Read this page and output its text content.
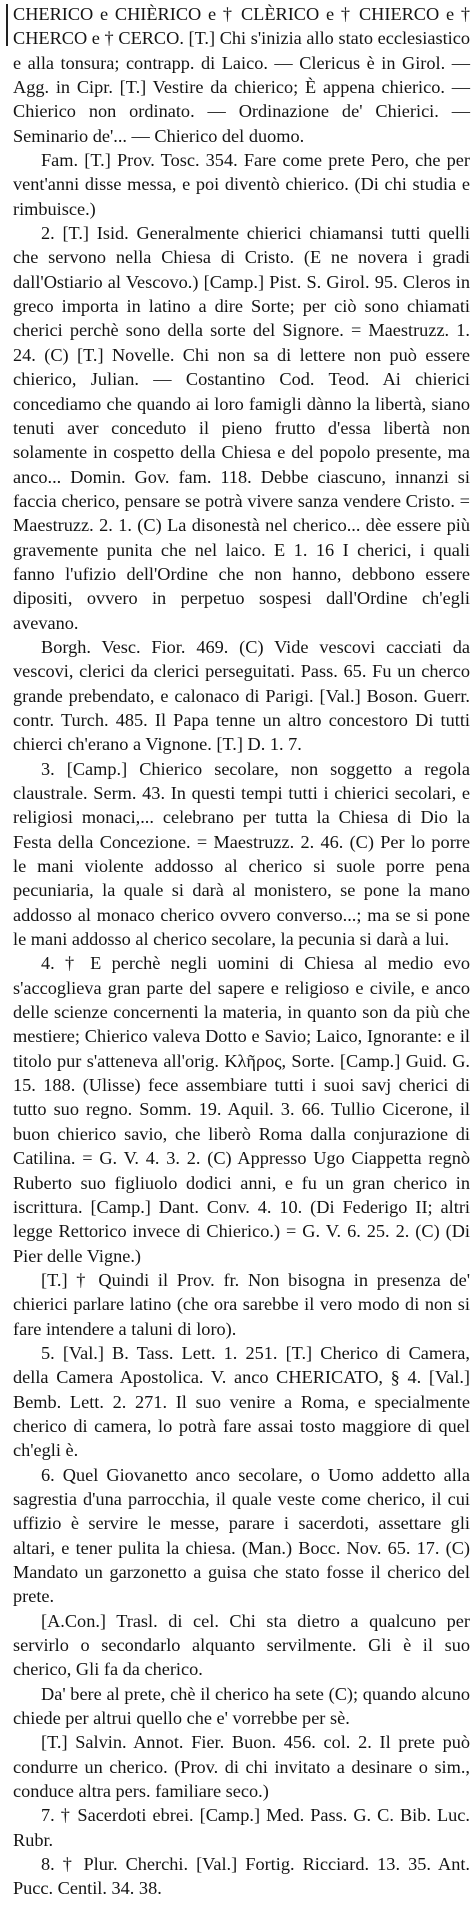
CHERICO e CHIÈRICO e † CLÈRICO e † CHIERCO e † CHERCO e † CERCO. [T.] Chi s'inizia allo stato ecclesiastico e alla tonsura; contrapp. di Laico. — Clericus è in Girol. — Agg. in Cipr. [T.] Vestire da chierico; È appena chierico. — Chierico non ordinato. — Ordinazione de' Chierici. — Seminario de'... — Chierico del duomo.

Fam. [T.] Prov. Tosc. 354. Fare come prete Pero, che per vent'anni disse messa, e poi diventò chierico. (Di chi studia e rimbuisce.)

2. [T.] Isid. Generalmente chierici chiamansi tutti quelli che servono nella Chiesa di Cristo. (E ne novera i gradi dall'Ostiario al Vescovo.) [Camp.] Pist. S. Girol. 95. Cleros in greco importa in latino a dire Sorte; per ciò sono chiamati cherici perchè sono della sorte del Signore. = Maestruzz. 1. 24. (C) [T.] Novelle. Chi non sa di lettere non può essere chierico, Julian. — Costantino Cod. Teod. Ai chierici concediamo che quando ai loro famigli dànno la libertà, siano tenuti aver conceduto il pieno frutto d'essa libertà non solamente in cospetto della Chiesa e del popolo presente, ma anco... Domin. Gov. fam. 118. Debbe ciascuno, innanzi si faccia cherico, pensare se potrà vivere sanza vendere Cristo. = Maestruzz. 2. 1. (C) La disonestà nel cherico... dèe essere più gravemente punita che nel laico. E 1. 16 I cherici, i quali fanno l'ufizio dell'Ordine che non hanno, debbono essere dipositi, ovvero in perpetuo sospesi dall'Ordine ch'egli avevano.

Borgh. Vesc. Fior. 469. (C) Vide vescovi cacciati da vescovi, clerici da clerici perseguitati. Pass. 65. Fu un cherco grande prebendato, e calonaco di Parigi. [Val.] Boson. Guerr. contr. Turch. 485. Il Papa tenne un altro concestoro Di tutti chierci ch'erano a Vignone. [T.] D. 1. 7.

3. [Camp.] Chierico secolare, non soggetto a regola claustrale. Serm. 43. In questi tempi tutti i chierici secolari, e religiosi monaci,... celebrano per tutta la Chiesa di Dio la Festa della Concezione. = Maestruzz. 2. 46. (C) Per lo porre le mani violente addosso al cherico si suole porre pena pecuniaria, la quale si darà al monistero, se pone la mano addosso al monaco cherico ovvero converso...; ma se si pone le mani addosso al cherico secolare, la pecunia si darà a lui.

4. † E perchè negli uomini di Chiesa al medio evo s'accoglieva gran parte del sapere e religioso e civile, e anco delle scienze concernenti la materia, in quanto son da più che mestiere; Chierico valeva Dotto e Savio; Laico, Ignorante: e il titolo pur s'atteneva all'orig. Κλῆρος, Sorte. [Camp.] Guid. G. 15. 188. (Ulisse) fece assembiare tutti i suoi savj cherici di tutto suo regno. Somm. 19. Aquil. 3. 66. Tullio Cicerone, il buon chierico savio, che liberò Roma dalla conjurazione di Catilina. = G. V. 4. 3. 2. (C) Appresso Ugo Ciappetta regnò Ruberto suo figliuolo dodici anni, e fu un gran cherico in iscrittura. [Camp.] Dant. Conv. 4. 10. (Di Federigo II; altri legge Rettorico invece di Chierico.) = G. V. 6. 25. 2. (C) (Di Pier delle Vigne.)

[T.] † Quindi il Prov. fr. Non bisogna in presenza de' chierici parlare latino (che ora sarebbe il vero modo di non si fare intendere a taluni di loro).

5. [Val.] B. Tass. Lett. 1. 251. [T.] Cherico di Camera, della Camera Apostolica. V. anco CHERICATO, § 4. [Val.] Bemb. Lett. 2. 271. Il suo venire a Roma, e specialmente cherico di camera, lo potrà fare assai tosto maggiore di quel ch'egli è.

6. Quel Giovanetto anco secolare, o Uomo addetto alla sagrestia d'una parrocchia, il quale veste come cherico, il cui uffizio è servire le messe, parare i sacerdoti, assettare gli altari, e tener pulita la chiesa. (Man.) Bocc. Nov. 65. 17. (C) Mandato un garzonetto a guisa che stato fosse il cherico del prete.

[A.Con.] Trasl. di cel. Chi sta dietro a qualcuno per servirlo o secondarlo alquanto servilmente. Gli è il suo cherico, Gli fa da cherico.

Da' bere al prete, chè il cherico ha sete (C); quando alcuno chiede per altrui quello che e' vorrebbe per sè.

[T.] Salvin. Annot. Fier. Buon. 456. col. 2. Il prete può condurre un cherico. (Prov. di chi invitato a desinare o sim., conduce altra pers. familiare seco.)

7. † Sacerdoti ebrei. [Camp.] Med. Pass. G. C. Bib. Luc. Rubr.

8. † Plur. Cherchi. [Val.] Fortig. Ricciard. 13. 35. Ant. Pucc. Centil. 34. 38.
